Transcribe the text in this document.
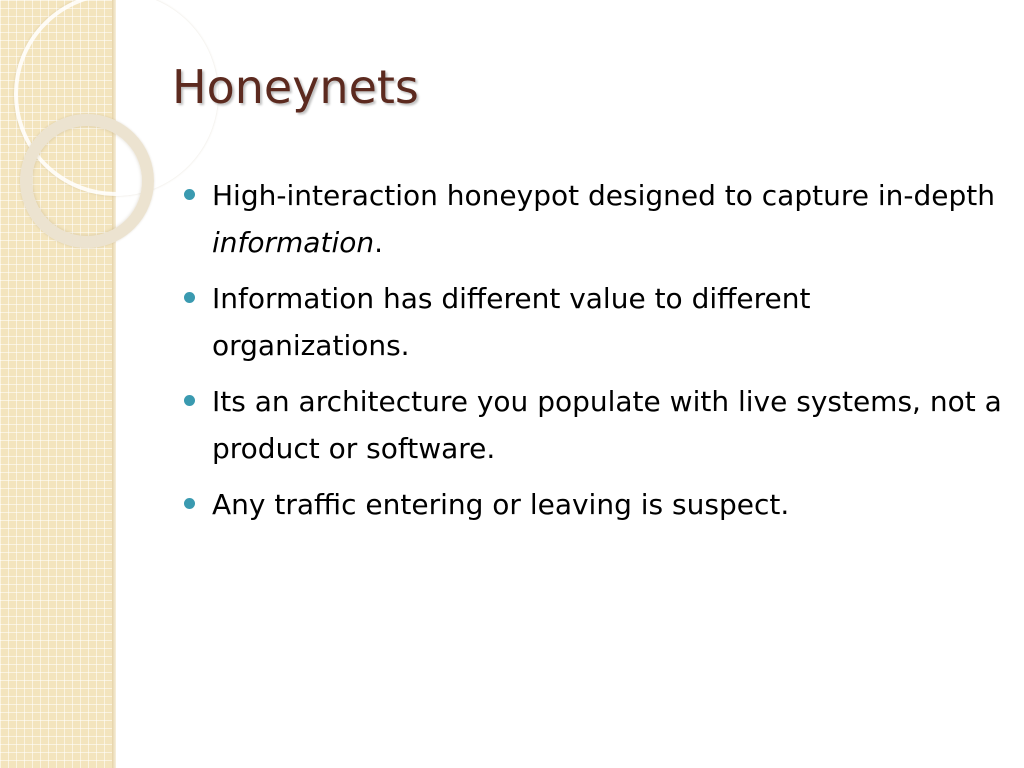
Honeynets
High-interaction honeypot designed to capture in-depth information.
Information has different value to different organizations.
Its an architecture you populate with live systems, not a product or software.
Any traffic entering or leaving is suspect.
